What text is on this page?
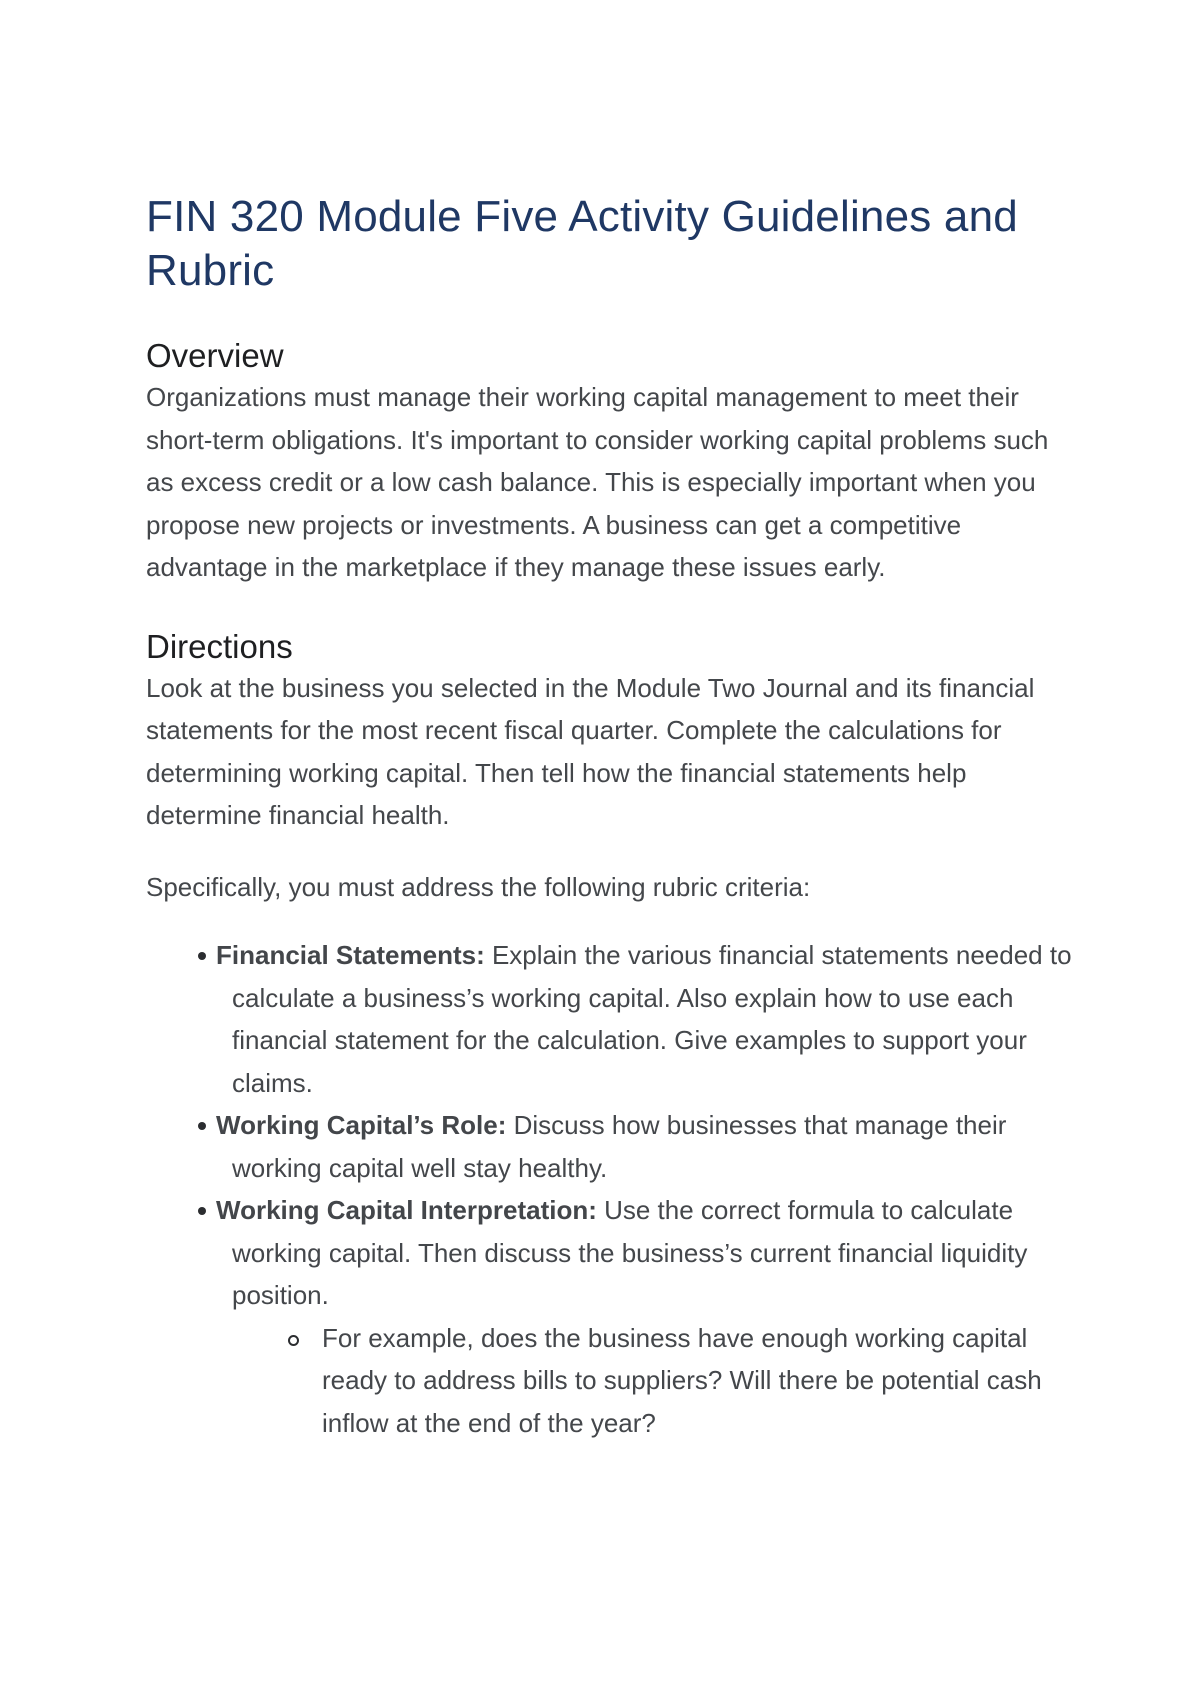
FIN 320 Module Five Activity Guidelines and Rubric
Overview

Organizations must manage their working capital management to meet their short-term obligations. It's important to consider working capital problems such as excess credit or a low cash balance. This is especially important when you propose new projects or investments. A business can get a competitive advantage in the marketplace if they manage these issues early.

Directions

Look at the business you selected in the Module Two Journal and its financial statements for the most recent fiscal quarter. Complete the calculations for determining working capital. Then tell how the financial statements help determine financial health.

Specifically, you must address the following rubric criteria:

Financial Statements: Explain the various financial statements needed to calculate a business’s working capital. Also explain how to use each financial statement for the calculation. Give examples to support your claims.
Working Capital’s Role: Discuss how businesses that manage their working capital well stay healthy.
Working Capital Interpretation: Use the correct formula to calculate working capital. Then discuss the business’s current financial liquidity position.
For example, does the business have enough working capital ready to address bills to suppliers? Will there be potential cash inflow at the end of the year?
